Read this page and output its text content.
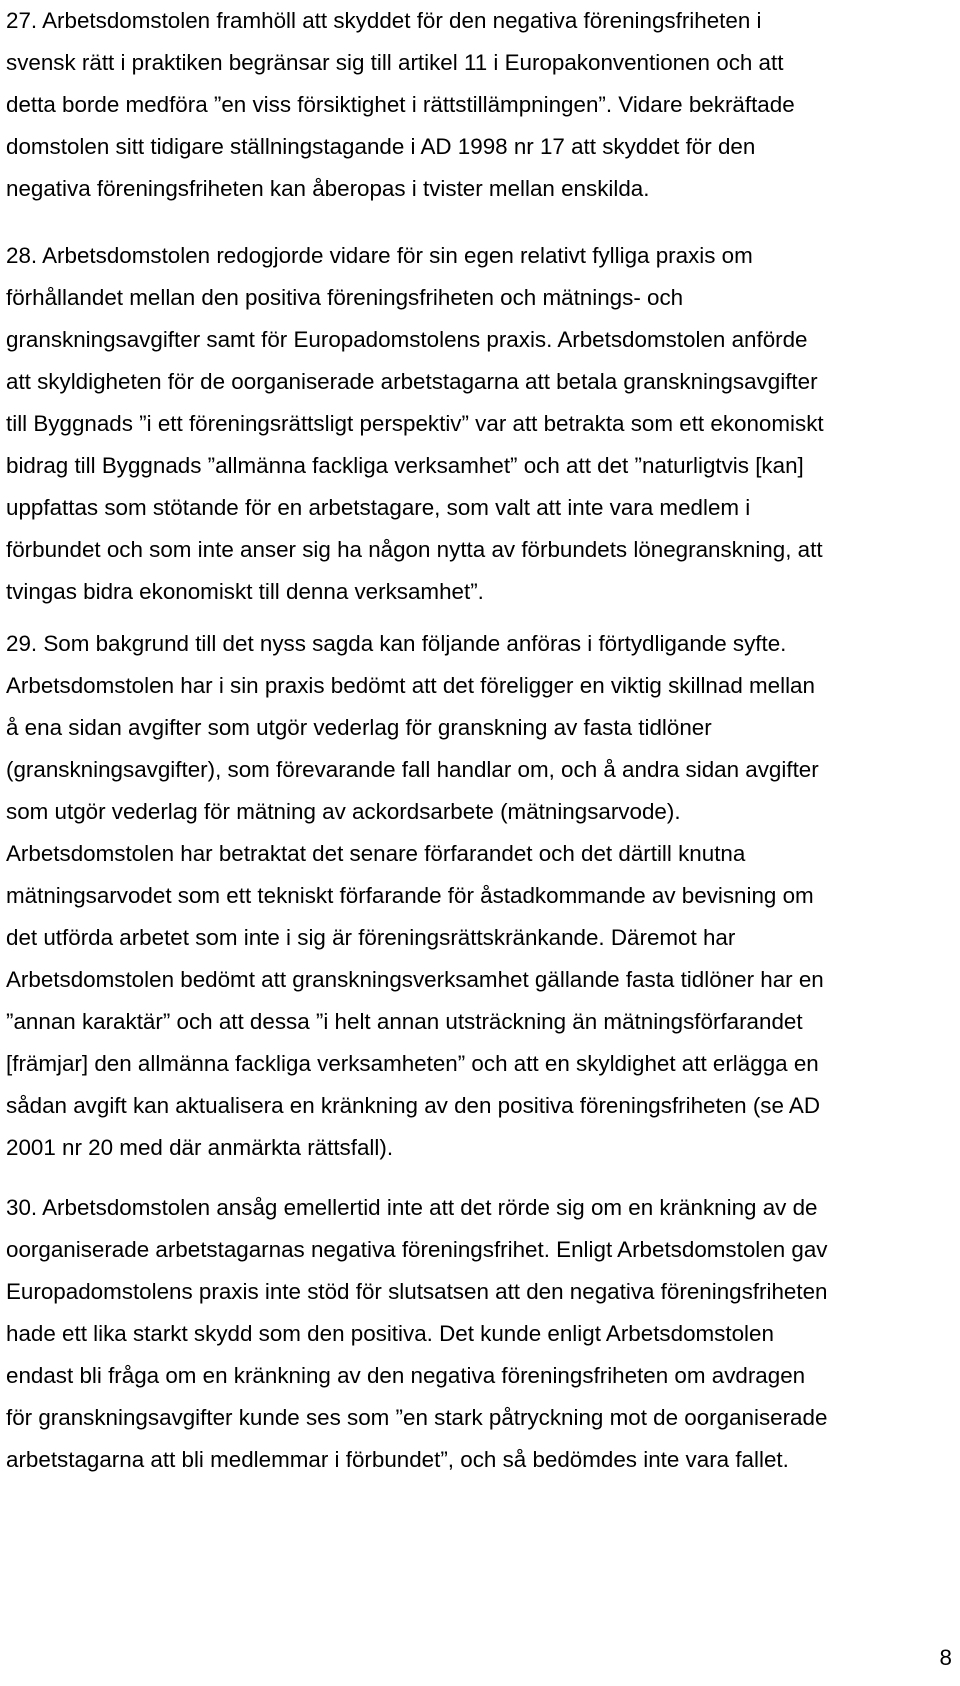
27. Arbetsdomstolen framhöll att skyddet för den negativa föreningsfriheten i
svensk rätt i praktiken begränsar sig till artikel 11 i Europakonventionen och att
detta borde medföra ”en viss försiktighet i rättstillämpningen”. Vidare bekräftade
domstolen sitt tidigare ställningstagande i AD 1998 nr 17 att skyddet för den
negativa föreningsfriheten kan åberopas i tvister mellan enskilda.

28. Arbetsdomstolen redogjorde vidare för sin egen relativt fylliga praxis om
förhållandet mellan den positiva föreningsfriheten och mätnings- och
granskningsavgifter samt för Europadomstolens praxis. Arbetsdomstolen anförde
att skyldigheten för de oorganiserade arbetstagarna att betala granskningsavgifter
till Byggnads ”i ett föreningsrättsligt perspektiv” var att betrakta som ett ekonomiskt
bidrag till Byggnads ”allmänna fackliga verksamhet” och att det ”naturligtvis [kan]
uppfattas som stötande för en arbetstagare, som valt att inte vara medlem i
förbundet och som inte anser sig ha någon nytta av förbundets lönegranskning, att
tvingas bidra ekonomiskt till denna verksamhet”.

29. Som bakgrund till det nyss sagda kan följande anföras i förtydligande syfte.
Arbetsdomstolen har i sin praxis bedömt att det föreligger en viktig skillnad mellan
å ena sidan avgifter som utgör vederlag för granskning av fasta tidlöner
(granskningsavgifter), som förevarande fall handlar om, och å andra sidan avgifter
som utgör vederlag för mätning av ackordsarbete (mätningsarvode).
Arbetsdomstolen har betraktat det senare förfarandet och det därtill knutna
mätningsarvodet som ett tekniskt förfarande för åstadkommande av bevisning om
det utförda arbetet som inte i sig är föreningsrättskränkande. Däremot har
Arbetsdomstolen bedömt att granskningsverksamhet gällande fasta tidlöner har en
”annan karaktär” och att dessa ”i helt annan utsträckning än mätningsförfarandet
[främjar] den allmänna fackliga verksamheten” och att en skyldighet att erlägga en
sådan avgift kan aktualisera en kränkning av den positiva föreningsfriheten (se AD
2001 nr 20 med där anmärkta rättsfall).

30. Arbetsdomstolen ansåg emellertid inte att det rörde sig om en kränkning av de
oorganiserade arbetstagarnas negativa föreningsfrihet. Enligt Arbetsdomstolen gav
Europadomstolens praxis inte stöd för slutsatsen att den negativa föreningsfriheten
hade ett lika starkt skydd som den positiva. Det kunde enligt Arbetsdomstolen
endast bli fråga om en kränkning av den negativa föreningsfriheten om avdragen
för granskningsavgifter kunde ses som ”en stark påtryckning mot de oorganiserade
arbetstagarna att bli medlemmar i förbundet”, och så bedömdes inte vara fallet.

8
